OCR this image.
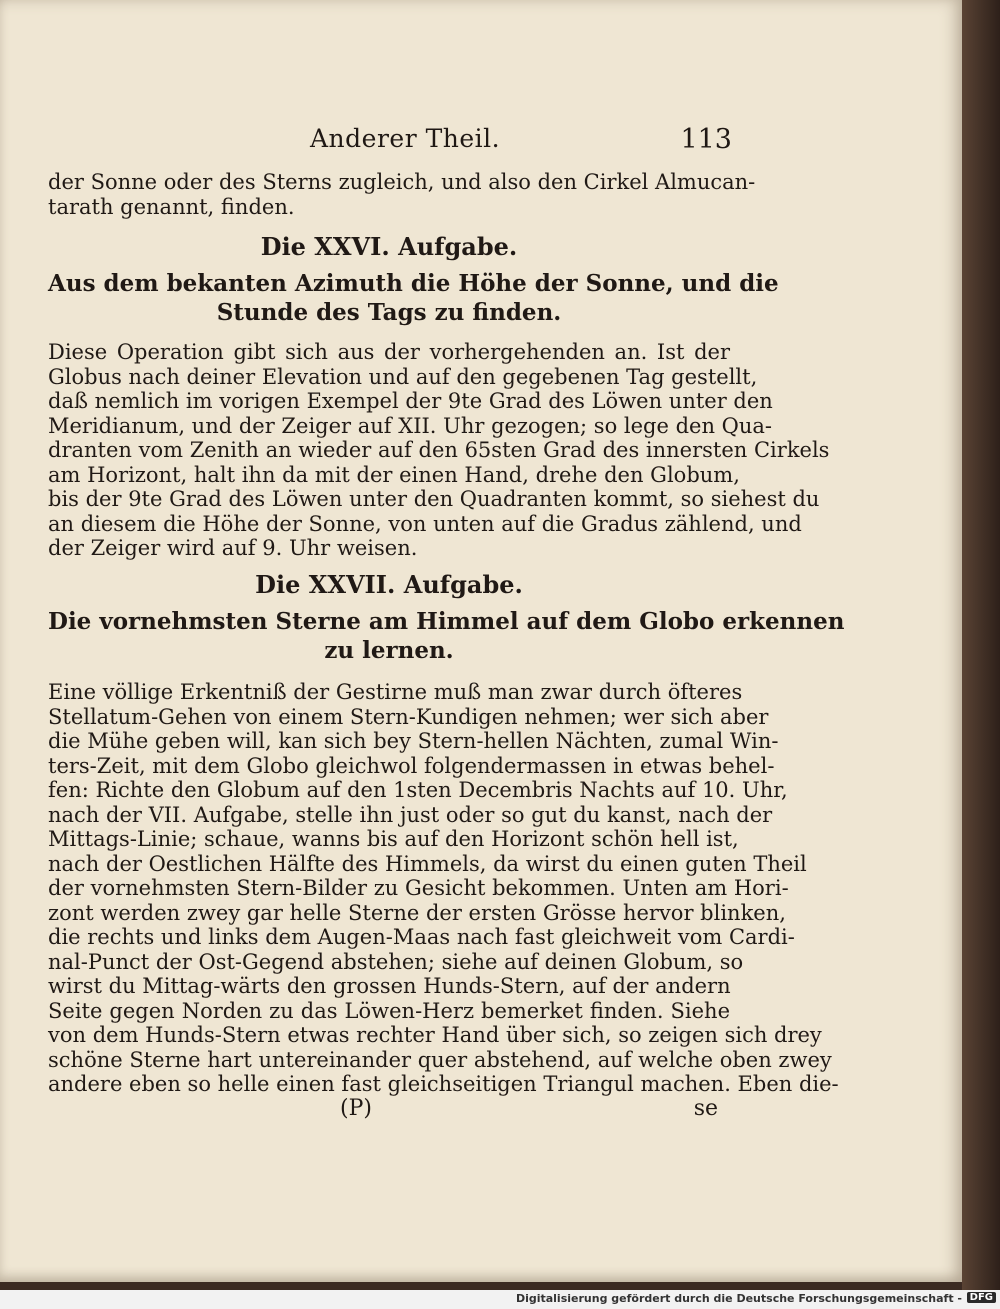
Anderer Theil.	113
der Sonne oder des Sterns zugleich, und also den Cirkel Almucan-
tarath genannt, finden.
Die XXVI. Aufgabe.
Aus dem bekanten Azimuth die Höhe der Sonne, und die
Stunde des Tags zu finden.
Diese Operation gibt sich aus der vorhergehenden an. Ist der
Globus nach deiner Elevation und auf den gegebenen Tag gestellt,
daß nemlich im vorigen Exempel der 9te Grad des Löwen unter den
Meridianum, und der Zeiger auf XII. Uhr gezogen; so lege den Qua-
dranten vom Zenith an wieder auf den 65sten Grad des innersten Cirkels
am Horizont, halt ihn da mit der einen Hand, drehe den Globum,
bis der 9te Grad des Löwen unter den Quadranten kommt, so siehest du
an diesem die Höhe der Sonne, von unten auf die Gradus zählend, und
der Zeiger wird auf 9. Uhr weisen.
Die XXVII. Aufgabe.
Die vornehmsten Sterne am Himmel auf dem Globo erkennen
zu lernen.
Eine völlige Erkentniß der Gestirne muß man zwar durch öfteres
Stellatum-Gehen von einem Stern-Kundigen nehmen; wer sich aber
die Mühe geben will, kan sich bey Stern-hellen Nächten, zumal Win-
ters-Zeit, mit dem Globo gleichwol folgendermassen in etwas behel-
fen: Richte den Globum auf den 1sten Decembris Nachts auf 10. Uhr,
nach der VII. Aufgabe, stelle ihn just oder so gut du kanst, nach der
Mittags-Linie; schaue, wanns bis auf den Horizont schön hell ist,
nach der Oestlichen Hälfte des Himmels, da wirst du einen guten Theil
der vornehmsten Stern-Bilder zu Gesicht bekommen. Unten am Hori-
zont werden zwey gar helle Sterne der ersten Grösse hervor blinken,
die rechts und links dem Augen-Maas nach fast gleichweit vom Cardi-
nal-Punct der Ost-Gegend abstehen; siehe auf deinen Globum, so
wirst du Mittag-wärts den grossen Hunds-Stern, auf der andern
Seite gegen Norden zu das Löwen-Herz bemerket finden. Siehe
von dem Hunds-Stern etwas rechter Hand über sich, so zeigen sich drey
schöne Sterne hart untereinander quer abstehend, auf welche oben zwey
andere eben so helle einen fast gleichseitigen Triangul machen. Eben die-
(P)	se
Digitalisierung gefördert durch die Deutsche Forschungsgemeinschaft - DFG
